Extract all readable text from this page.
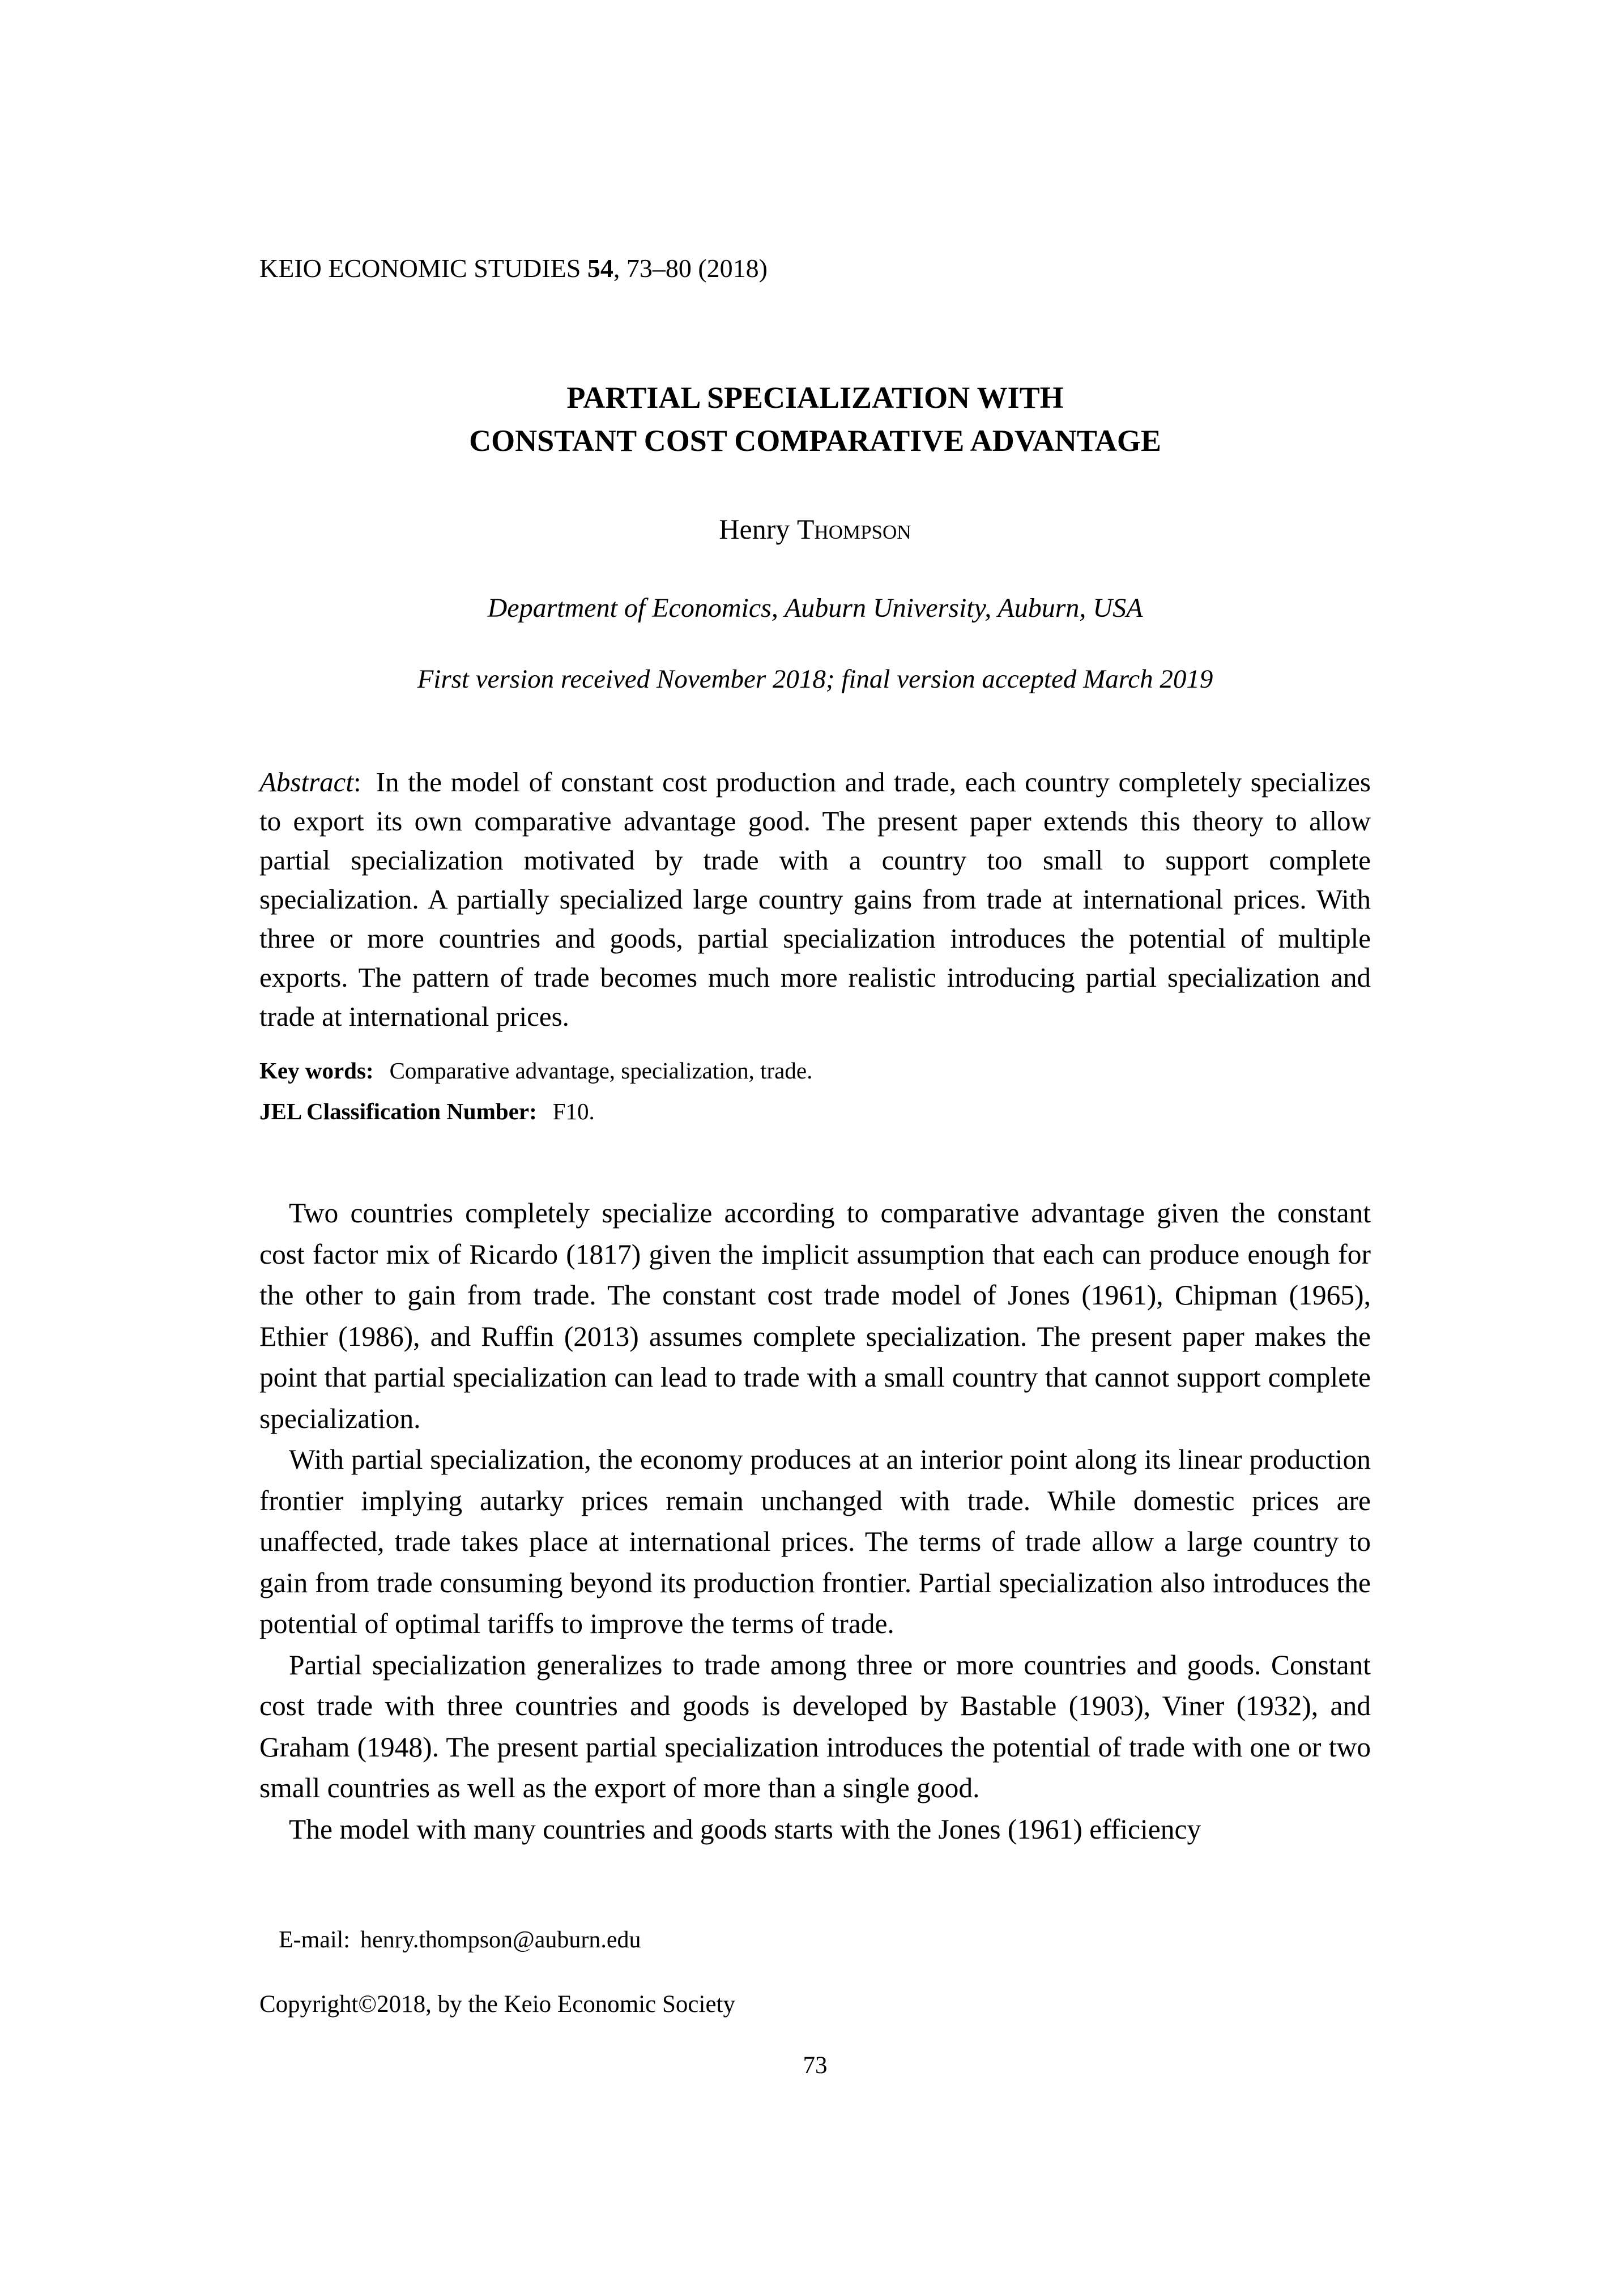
KEIO ECONOMIC STUDIES 54, 73–80 (2018)
PARTIAL SPECIALIZATION WITH
CONSTANT COST COMPARATIVE ADVANTAGE
Henry Thompson
Department of Economics, Auburn University, Auburn, USA
First version received November 2018; final version accepted March 2019
Abstract: In the model of constant cost production and trade, each country completely specializes to export its own comparative advantage good. The present paper extends this theory to allow partial specialization motivated by trade with a country too small to support complete specialization. A partially specialized large country gains from trade at international prices. With three or more countries and goods, partial specialization introduces the potential of multiple exports. The pattern of trade becomes much more realistic introducing partial specialization and trade at international prices.
Key words: Comparative advantage, specialization, trade.
JEL Classification Number: F10.

Two countries completely specialize according to comparative advantage given the constant cost factor mix of Ricardo (1817) given the implicit assumption that each can produce enough for the other to gain from trade. The constant cost trade model of Jones (1961), Chipman (1965), Ethier (1986), and Ruffin (2013) assumes complete specialization. The present paper makes the point that partial specialization can lead to trade with a small country that cannot support complete specialization.

With partial specialization, the economy produces at an interior point along its linear production frontier implying autarky prices remain unchanged with trade. While domestic prices are unaffected, trade takes place at international prices. The terms of trade allow a large country to gain from trade consuming beyond its production frontier. Partial specialization also introduces the potential of optimal tariffs to improve the terms of trade.

Partial specialization generalizes to trade among three or more countries and goods. Constant cost trade with three countries and goods is developed by Bastable (1903), Viner (1932), and Graham (1948). The present partial specialization introduces the potential of trade with one or two small countries as well as the export of more than a single good.

The model with many countries and goods starts with the Jones (1961) efficiency

E-mail: henry.thompson@auburn.edu
Copyright©2018, by the Keio Economic Society
73
